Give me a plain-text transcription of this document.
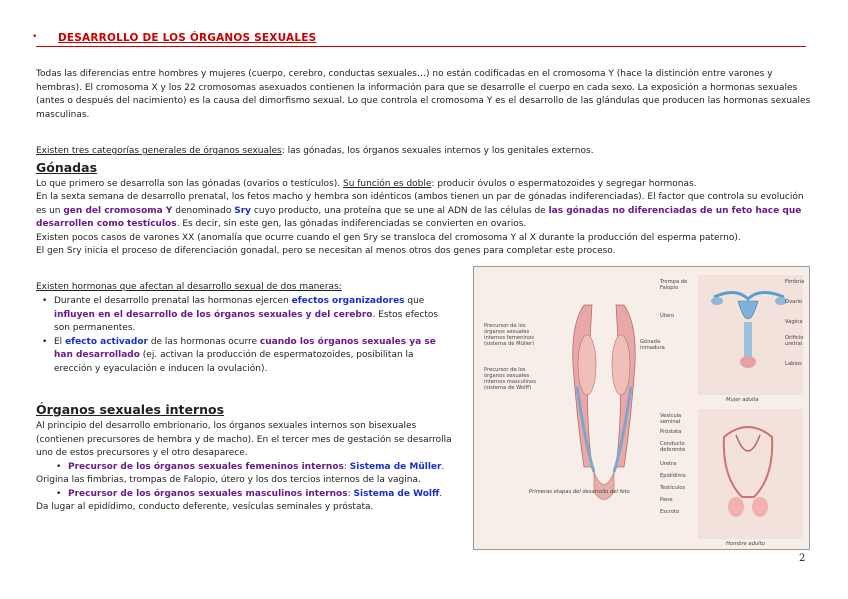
• DESARROLLO DE LOS ÓRGANOS SEXUALES

Todas las diferencias entre hombres y mujeres (cuerpo, cerebro, conductas sexuales…) no están codificadas en el cromosoma Y (hace la distinción entre varones y hembras). El cromosoma X y los 22 cromosomas asexuados contienen la información para que se desarrolle el cuerpo en cada sexo. La exposición a hormonas sexuales (antes o después del nacimiento) es la causa del dimorfismo sexual. Lo que controla el cromosoma Y es el desarrollo de las glándulas que producen las hormonas sexuales masculinas.

Existen tres categorías generales de órganos sexuales: las gónadas, los órganos sexuales internos y los genitales externos.

Gónadas

Lo que primero se desarrolla son las gónadas (ovarios o testículos). Su función es doble: producir óvulos o espermatozoides y segregar hormonas.

En la sexta semana de desarrollo prenatal, los fetos macho y hembra son idénticos (ambos tienen un par de gónadas indiferenciadas). El factor que controla su evolución es un gen del cromosoma Y denominado Sry cuyo producto, una proteína que se une al ADN de las células de las gónadas no diferenciadas de un feto hace que desarrollen como testículos. Es decir, sin este gen, las gónadas indiferenciadas se convierten en ovarios.

Existen pocos casos de varones XX (anomalía que ocurre cuando el gen Sry se transloca del cromosoma Y al X durante la producción del esperma paterno).

El gen Sry inicia el proceso de diferenciación gonadal, pero se necesitan al menos otros dos genes para completar este proceso.

Existen hormonas que afectan al desarrollo sexual de dos maneras:

• Durante el desarrollo prenatal las hormonas ejercen efectos organizadores que influyen en el desarrollo de los órganos sexuales y del cerebro. Estos efectos son permanentes.
• El efecto activador de las hormonas ocurre cuando los órganos sexuales ya se han desarrollado (ej. activan la producción de espermatozoides, posibilitan la erección y eyaculación e inducen la ovulación).

Órganos sexuales internos

Al principio del desarrollo embrionario, los órganos sexuales internos son bisexuales (contienen precursores de hembra y de macho). En el tercer mes de gestación se desarrolla uno de estos precursores y el otro desaparece.

• Precursor de los órganos sexuales femeninos internos: Sistema de Müller.

Origina las fimbrias, trompas de Falopio, útero y los dos tercios internos de la vagina.

• Precursor de los órganos sexuales masculinos internos: Sistema de Wolff.

Da lugar al epidídimo, conducto deferente, vesículas seminales y próstata.

Precursor de los
órganos sexuales
internos femeninos
(sistema de Müller)
Precursor de los
órganos sexuales
internos masculinos
(sistema de Wolff)
Gónada
inmadura
Primeras etapas del desarrollo del feto
Trompa de
Falopio
Útero
Fimbria
Ovario
Vagina
Orificio
uretral
Labios
Mujer adulta
Vesícula
seminal
Próstata
Conducto
deferente
Uretra
Epidídimo
Testículos
Pene
Escroto
Hombre adulto
2
